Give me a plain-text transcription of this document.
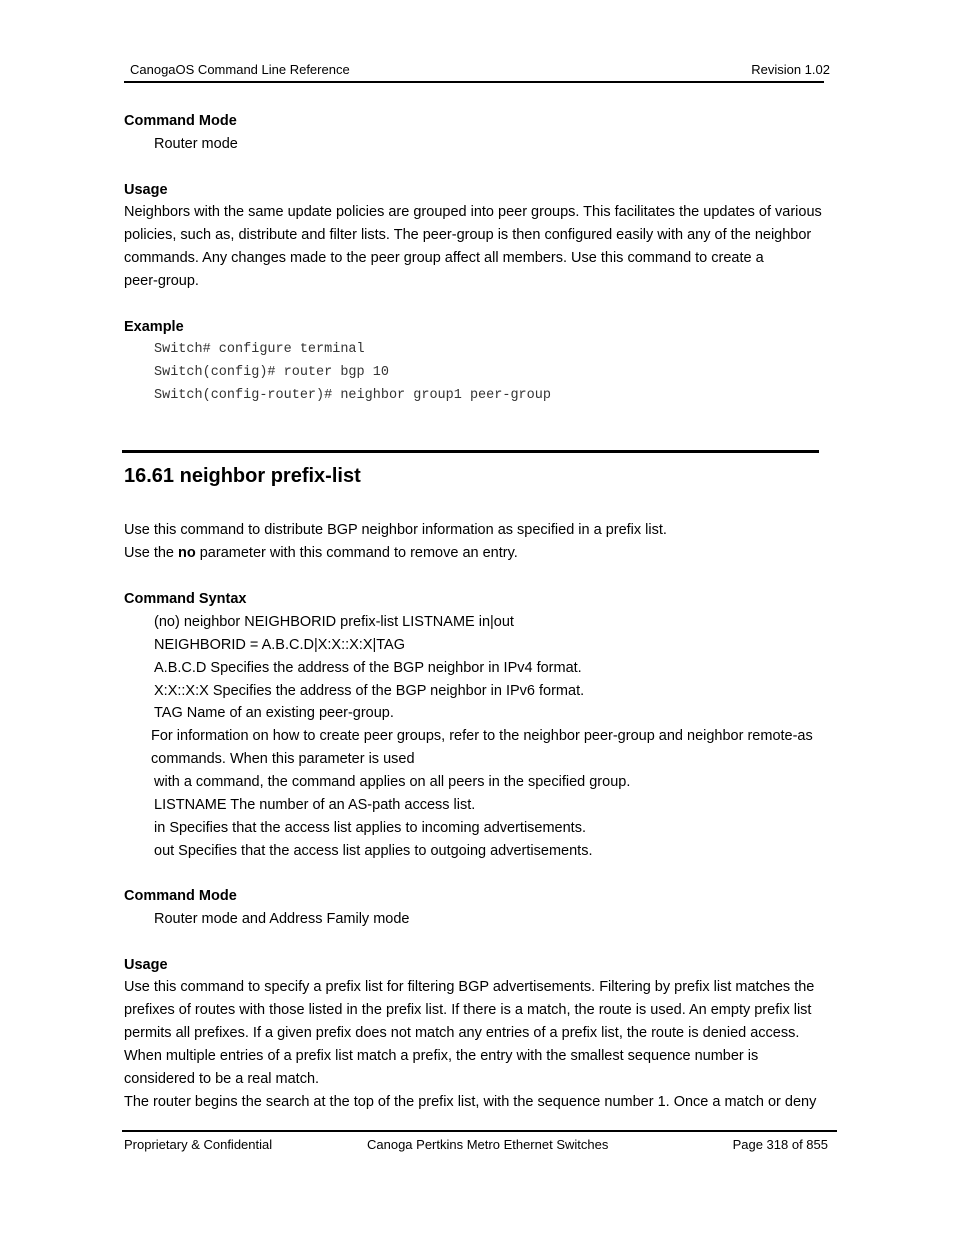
CanogaOS Command Line Reference	Revision 1.02
Command Mode
Router mode
Usage
Neighbors with the same update policies are grouped into peer groups. This facilitates the updates of various
policies, such as, distribute and filter lists. The peer-group is then configured easily with any of the neighbor
commands. Any changes made to the peer group affect all members. Use this command to create a
peer-group.
Example
Switch# configure terminal
Switch(config)# router bgp 10
Switch(config-router)# neighbor group1 peer-group
16.61 neighbor prefix-list
Use this command to distribute BGP neighbor information as specified in a prefix list.
Use the no parameter with this command to remove an entry.
Command Syntax
(no) neighbor NEIGHBORID prefix-list LISTNAME in|out
NEIGHBORID = A.B.C.D|X:X::X:X|TAG
A.B.C.D Specifies the address of the BGP neighbor in IPv4 format.
X:X::X:X Specifies the address of the BGP neighbor in IPv6 format.
TAG Name of an existing peer-group.
For information on how to create peer groups, refer to the neighbor peer-group and neighbor remote-as
commands. When this parameter is used
with a command, the command applies on all peers in the specified group.
LISTNAME The number of an AS-path access list.
in Specifies that the access list applies to incoming advertisements.
out Specifies that the access list applies to outgoing advertisements.
Command Mode
Router mode and Address Family mode
Usage
Use this command to specify a prefix list for filtering BGP advertisements. Filtering by prefix list matches the
prefixes of routes with those listed in the prefix list. If there is a match, the route is used. An empty prefix list
permits all prefixes. If a given prefix does not match any entries of a prefix list, the route is denied access.
When multiple entries of a prefix list match a prefix, the entry with the smallest sequence number is
considered to be a real match.
The router begins the search at the top of the prefix list, with the sequence number 1. Once a match or deny
Proprietary & Confidential	Canoga Pertkins Metro Ethernet Switches	Page 318 of 855
